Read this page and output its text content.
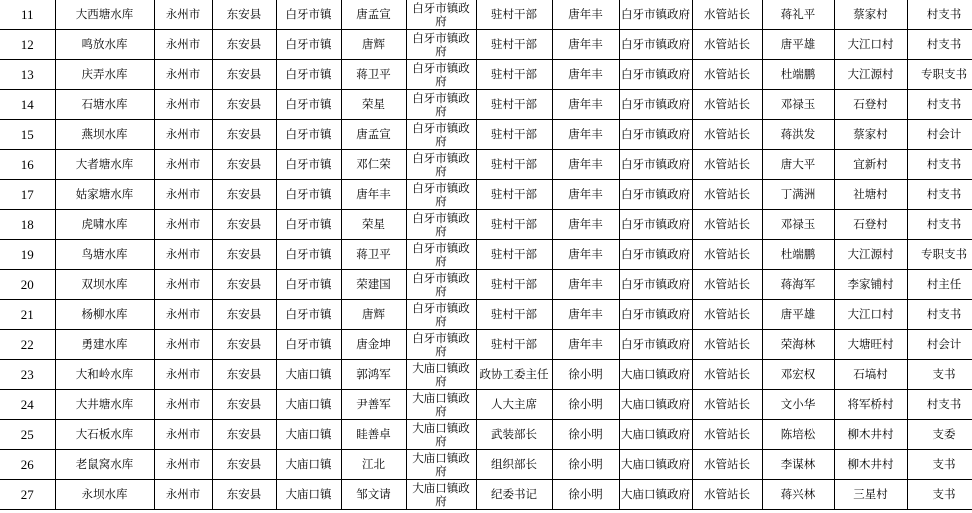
11	大西塘水库	永州市	东安县	白牙市镇	唐孟宣	白牙市镇政府	驻村干部	唐年丰	白牙市镇政府	水管站长	蒋礼平	蔡家村	村支书
12	鸣放水库	永州市	东安县	白牙市镇	唐辉	白牙市镇政府	驻村干部	唐年丰	白牙市镇政府	水管站长	唐平雄	大江口村	村支书
13	庆弄水库	永州市	东安县	白牙市镇	蒋卫平	白牙市镇政府	驻村干部	唐年丰	白牙市镇政府	水管站长	杜端鹏	大江源村	专职支书
14	石塘水库	永州市	东安县	白牙市镇	荣星	白牙市镇政府	驻村干部	唐年丰	白牙市镇政府	水管站长	邓禄玉	石登村	村支书
15	燕坝水库	永州市	东安县	白牙市镇	唐孟宣	白牙市镇政府	驻村干部	唐年丰	白牙市镇政府	水管站长	蒋洪发	蔡家村	村会计
16	大者塘水库	永州市	东安县	白牙市镇	邓仁荣	白牙市镇政府	驻村干部	唐年丰	白牙市镇政府	水管站长	唐大平	宜新村	村支书
17	姑家塘水库	永州市	东安县	白牙市镇	唐年丰	白牙市镇政府	驻村干部	唐年丰	白牙市镇政府	水管站长	丁满洲	社塘村	村支书
18	虎啸水库	永州市	东安县	白牙市镇	荣星	白牙市镇政府	驻村干部	唐年丰	白牙市镇政府	水管站长	邓禄玉	石登村	村支书
19	鸟塘水库	永州市	东安县	白牙市镇	蒋卫平	白牙市镇政府	驻村干部	唐年丰	白牙市镇政府	水管站长	杜端鹏	大江源村	专职支书
20	双坝水库	永州市	东安县	白牙市镇	荣建国	白牙市镇政府	驻村干部	唐年丰	白牙市镇政府	水管站长	蒋海军	李家铺村	村主任
21	杨柳水库	永州市	东安县	白牙市镇	唐辉	白牙市镇政府	驻村干部	唐年丰	白牙市镇政府	水管站长	唐平雄	大江口村	村支书
22	勇建水库	永州市	东安县	白牙市镇	唐金坤	白牙市镇政府	驻村干部	唐年丰	白牙市镇政府	水管站长	荣海林	大塘旺村	村会计
23	大和岭水库	永州市	东安县	大庙口镇	郭鸿军	大庙口镇政府	政协工委主任	徐小明	大庙口镇政府	水管站长	邓宏权	石塙村	支书
24	大井塘水库	永州市	东安县	大庙口镇	尹善军	大庙口镇政府	人大主席	徐小明	大庙口镇政府	水管站长	文小华	将军桥村	村支书
25	大石板水库	永州市	东安县	大庙口镇	眭善卓	大庙口镇政府	武装部长	徐小明	大庙口镇政府	水管站长	陈培松	柳木井村	支委
26	老鼠窝水库	永州市	东安县	大庙口镇	江北	大庙口镇政府	组织部长	徐小明	大庙口镇政府	水管站长	李谋林	柳木井村	支书
27	永坝水库	永州市	东安县	大庙口镇	邹文请	大庙口镇政府	纪委书记	徐小明	大庙口镇政府	水管站长	蒋兴林	三星村	支书
